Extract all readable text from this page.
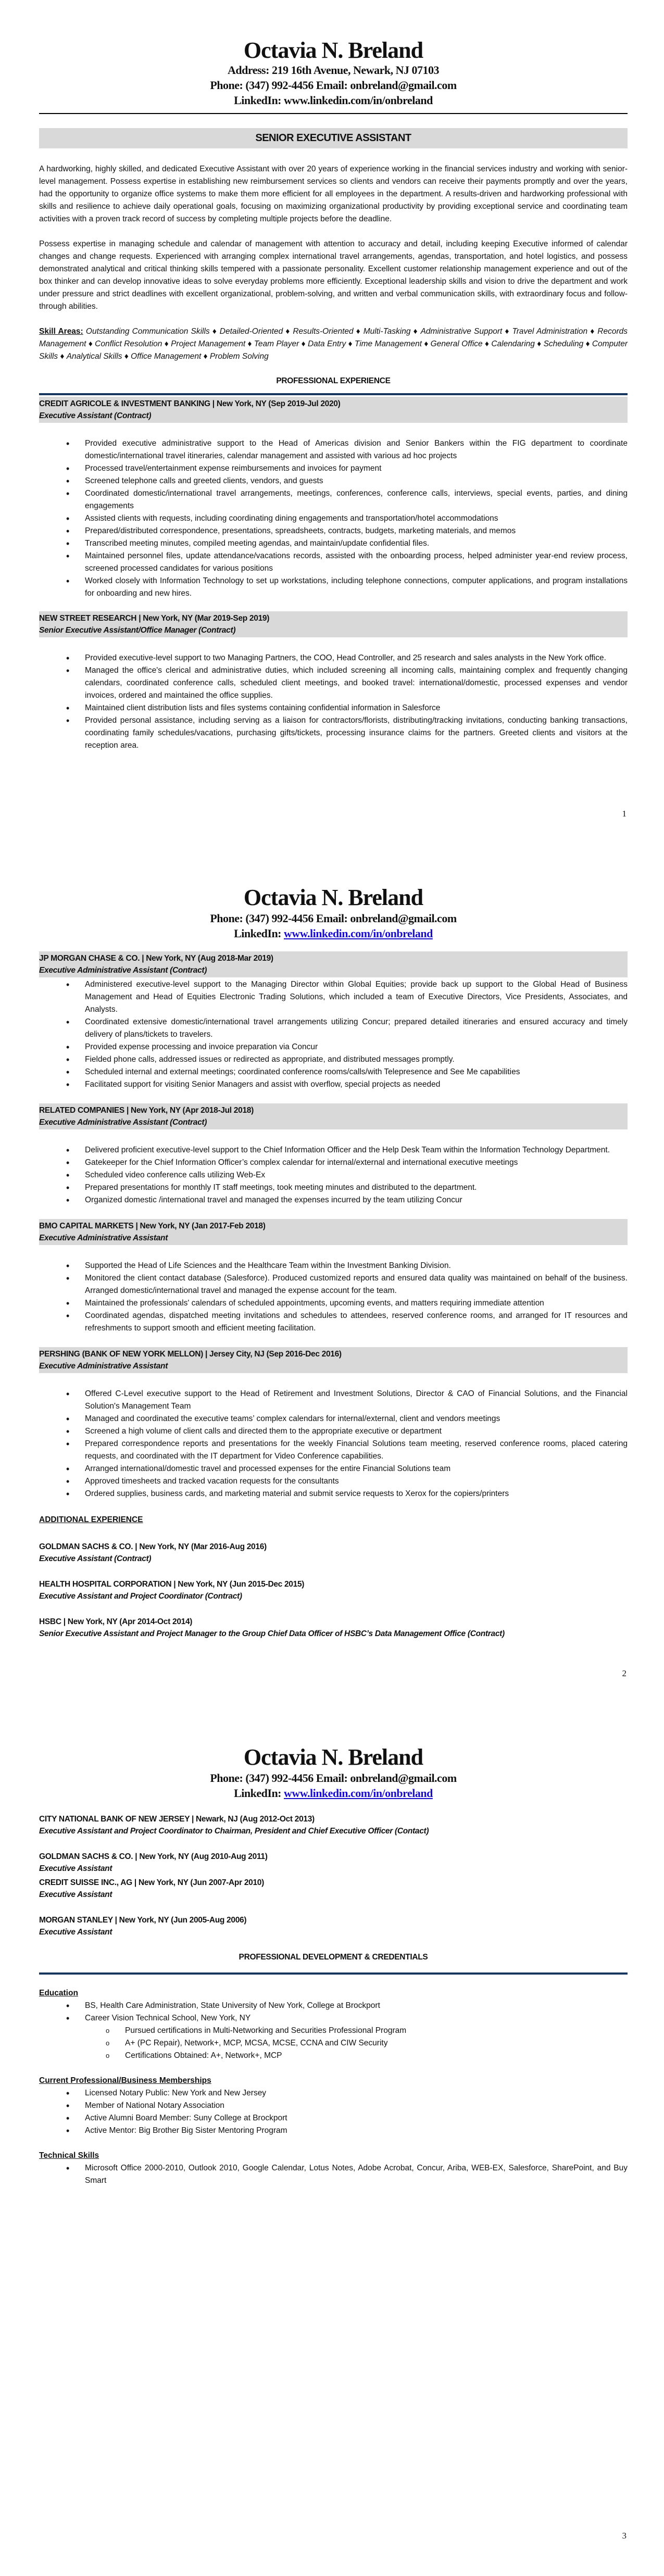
Octavia N. Breland
Address: 219 16th Avenue, Newark, NJ 07103
Phone: (347) 992-4456 Email: onbreland@gmail.com
LinkedIn: www.linkedin.com/in/onbreland
SENIOR EXECUTIVE ASSISTANT

A hardworking, highly skilled, and dedicated Executive Assistant with over 20 years of experience working in the financial services industry and working with senior-level management. Possess expertise in establishing new reimbursement services so clients and vendors can receive their payments promptly and over the years, had the opportunity to organize office systems to make them more efficient for all employees in the department. A results-driven and hardworking professional with skills and resilience to achieve daily operational goals, focusing on maximizing organizational productivity by providing exceptional service and coordinating team activities with a proven track record of success by completing multiple projects before the deadline.

Possess expertise in managing schedule and calendar of management with attention to accuracy and detail, including keeping Executive informed of calendar changes and change requests. Experienced with arranging complex international travel arrangements, agendas, transportation, and hotel logistics, and possess demonstrated analytical and critical thinking skills tempered with a passionate personality. Excellent customer relationship management experience and out of the box thinker and can develop innovative ideas to solve everyday problems more efficiently. Exceptional leadership skills and vision to drive the department and work under pressure and strict deadlines with excellent organizational, problem-solving, and written and verbal communication skills, with extraordinary focus and follow-through abilities.

Skill Areas: Outstanding Communication Skills ♦ Detailed-Oriented ♦ Results-Oriented ♦ Multi-Tasking ♦ Administrative Support ♦ Travel Administration ♦ Records Management ♦ Conflict Resolution ♦ Project Management ♦ Team Player ♦ Data Entry ♦ Time Management ♦ General Office ♦ Calendaring ♦ Scheduling ♦ Computer Skills ♦ Analytical Skills ♦ Office Management ♦ Problem Solving
PROFESSIONAL EXPERIENCE
CREDIT AGRICOLE & INVESTMENT BANKING | New York, NY (Sep 2019-Jul 2020)
Executive Assistant (Contract)
• Provided executive administrative support to the Head of Americas division and Senior Bankers within the FIG department to coordinate domestic/international travel itineraries, calendar management and assisted with various ad hoc projects
• Processed travel/entertainment expense reimbursements and invoices for payment
• Screened telephone calls and greeted clients, vendors, and guests
• Coordinated domestic/international travel arrangements, meetings, conferences, conference calls, interviews, special events, parties, and dining engagements
• Assisted clients with requests, including coordinating dining engagements and transportation/hotel accommodations
• Prepared/distributed correspondence, presentations, spreadsheets, contracts, budgets, marketing materials, and memos
• Transcribed meeting minutes, compiled meeting agendas, and maintain/update confidential files.
• Maintained personnel files, update attendance/vacations records, assisted with the onboarding process, helped administer year-end review process, screened processed candidates for various positions
• Worked closely with Information Technology to set up workstations, including telephone connections, computer applications, and program installations for onboarding and new hires.
NEW STREET RESEARCH | New York, NY (Mar 2019-Sep 2019)
Senior Executive Assistant/Office Manager (Contract)
• Provided executive-level support to two Managing Partners, the COO, Head Controller, and 25 research and sales analysts in the New York office.
• Managed the office's clerical and administrative duties, which included screening all incoming calls, maintaining complex and frequently changing calendars, coordinated conference calls, scheduled client meetings, and booked travel: international/domestic, processed expenses and vendor invoices, ordered and maintained the office supplies.
• Maintained client distribution lists and files systems containing confidential information in Salesforce
• Provided personal assistance, including serving as a liaison for contractors/florists, distributing/tracking invitations, conducting banking transactions, coordinating family schedules/vacations, purchasing gifts/tickets, processing insurance claims for the partners. Greeted clients and visitors at the reception area.
1
Octavia N. Breland
Phone: (347) 992-4456 Email: onbreland@gmail.com
LinkedIn: www.linkedin.com/in/onbreland
JP MORGAN CHASE & CO. | New York, NY (Aug 2018-Mar 2019)
Executive Administrative Assistant (Contract)
• Administered executive-level support to the Managing Director within Global Equities; provide back up support to the Global Head of Business Management and Head of Equities Electronic Trading Solutions, which included a team of Executive Directors, Vice Presidents, Associates, and Analysts.
• Coordinated extensive domestic/international travel arrangements utilizing Concur; prepared detailed itineraries and ensured accuracy and timely delivery of plans/tickets to travelers.
• Provided expense processing and invoice preparation via Concur
• Fielded phone calls, addressed issues or redirected as appropriate, and distributed messages promptly.
• Scheduled internal and external meetings; coordinated conference rooms/calls/with Telepresence and See Me capabilities
• Facilitated support for visiting Senior Managers and assist with overflow, special projects as needed
RELATED COMPANIES | New York, NY (Apr 2018-Jul 2018)
Executive Administrative Assistant (Contract)
• Delivered proficient executive-level support to the Chief Information Officer and the Help Desk Team within the Information Technology Department.
• Gatekeeper for the Chief Information Officer’s complex calendar for internal/external and international executive meetings
• Scheduled video conference calls utilizing Web-Ex
• Prepared presentations for monthly IT staff meetings, took meeting minutes and distributed to the department.
• Organized domestic /international travel and managed the expenses incurred by the team utilizing Concur
BMO CAPITAL MARKETS | New York, NY (Jan 2017-Feb 2018)
Executive Administrative Assistant
• Supported the Head of Life Sciences and the Healthcare Team within the Investment Banking Division.
• Monitored the client contact database (Salesforce). Produced customized reports and ensured data quality was maintained on behalf of the business. Arranged domestic/international travel and managed the expense account for the team.
• Maintained the professionals' calendars of scheduled appointments, upcoming events, and matters requiring immediate attention
• Coordinated agendas, dispatched meeting invitations and schedules to attendees, reserved conference rooms, and arranged for IT resources and refreshments to support smooth and efficient meeting facilitation.
PERSHING (BANK OF NEW YORK MELLON) | Jersey City, NJ (Sep 2016-Dec 2016)
Executive Administrative Assistant
• Offered C-Level executive support to the Head of Retirement and Investment Solutions, Director & CAO of Financial Solutions, and the Financial Solution's Management Team
• Managed and coordinated the executive teams’ complex calendars for internal/external, client and vendors meetings
• Screened a high volume of client calls and directed them to the appropriate executive or department
• Prepared correspondence reports and presentations for the weekly Financial Solutions team meeting, reserved conference rooms, placed catering requests, and coordinated with the IT department for Video Conference capabilities.
• Arranged international/domestic travel and processed expenses for the entire Financial Solutions team
• Approved timesheets and tracked vacation requests for the consultants
• Ordered supplies, business cards, and marketing material and submit service requests to Xerox for the copiers/printers
ADDITIONAL EXPERIENCE
GOLDMAN SACHS & CO. | New York, NY (Mar 2016-Aug 2016)
Executive Assistant (Contract)
HEALTH HOSPITAL CORPORATION | New York, NY (Jun 2015-Dec 2015)
Executive Assistant and Project Coordinator (Contract)
HSBC | New York, NY (Apr 2014-Oct 2014)
Senior Executive Assistant and Project Manager to the Group Chief Data Officer of HSBC’s Data Management Office (Contract)
2
Octavia N. Breland
Phone: (347) 992-4456 Email: onbreland@gmail.com
LinkedIn: www.linkedin.com/in/onbreland
CITY NATIONAL BANK OF NEW JERSEY | Newark, NJ (Aug 2012-Oct 2013)
Executive Assistant and Project Coordinator to Chairman, President and Chief Executive Officer (Contact)
GOLDMAN SACHS & CO. | New York, NY (Aug 2010-Aug 2011)
Executive Assistant
CREDIT SUISSE INC., AG | New York, NY (Jun 2007-Apr 2010)
Executive Assistant
MORGAN STANLEY | New York, NY (Jun 2005-Aug 2006)
Executive Assistant
PROFESSIONAL DEVELOPMENT & CREDENTIALS
Education
• BS, Health Care Administration, State University of New York, College at Brockport
• Career Vision Technical School, New York, NY
o Pursued certifications in Multi-Networking and Securities Professional Program
o A+ (PC Repair), Network+, MCP, MCSA, MCSE, CCNA and CIW Security
o Certifications Obtained: A+, Network+, MCP
Current Professional/Business Memberships
• Licensed Notary Public: New York and New Jersey
• Member of National Notary Association
• Active Alumni Board Member: Suny College at Brockport
• Active Mentor: Big Brother Big Sister Mentoring Program
Technical Skills
• Microsoft Office 2000-2010, Outlook 2010, Google Calendar, Lotus Notes, Adobe Acrobat, Concur, Ariba, WEB-EX, Salesforce, SharePoint, and Buy Smart
3
